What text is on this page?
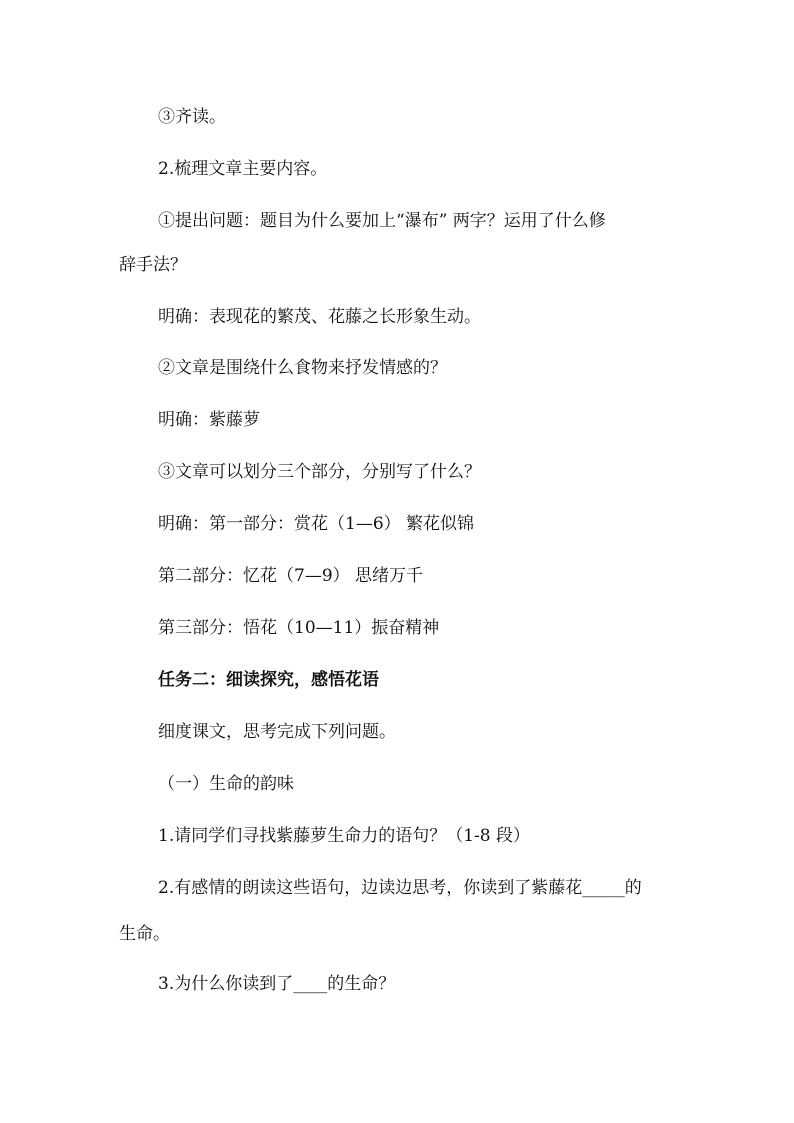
③齐读。
2.梳理文章主要内容。
①提出问题：题目为什么要加上“瀑布” 两字？运用了什么修
辞手法？
明确：表现花的繁茂、花藤之长形象生动。
②文章是围绕什么食物来抒发情感的？
明确：紫藤萝
③文章可以划分三个部分，分别写了什么？
明确：第一部分：赏花（1—6） 繁花似锦
第二部分：忆花（7—9） 思绪万千
第三部分：悟花（10—11）振奋精神
任务二：细读探究，感悟花语
细度课文，思考完成下列问题。
（一）生命的韵味
1.请同学们寻找紫藤萝生命力的语句？（1-8 段）
2.有感情的朗读这些语句，边读边思考，你读到了紫藤花_____的
生命。
3.为什么你读到了____的生命？
